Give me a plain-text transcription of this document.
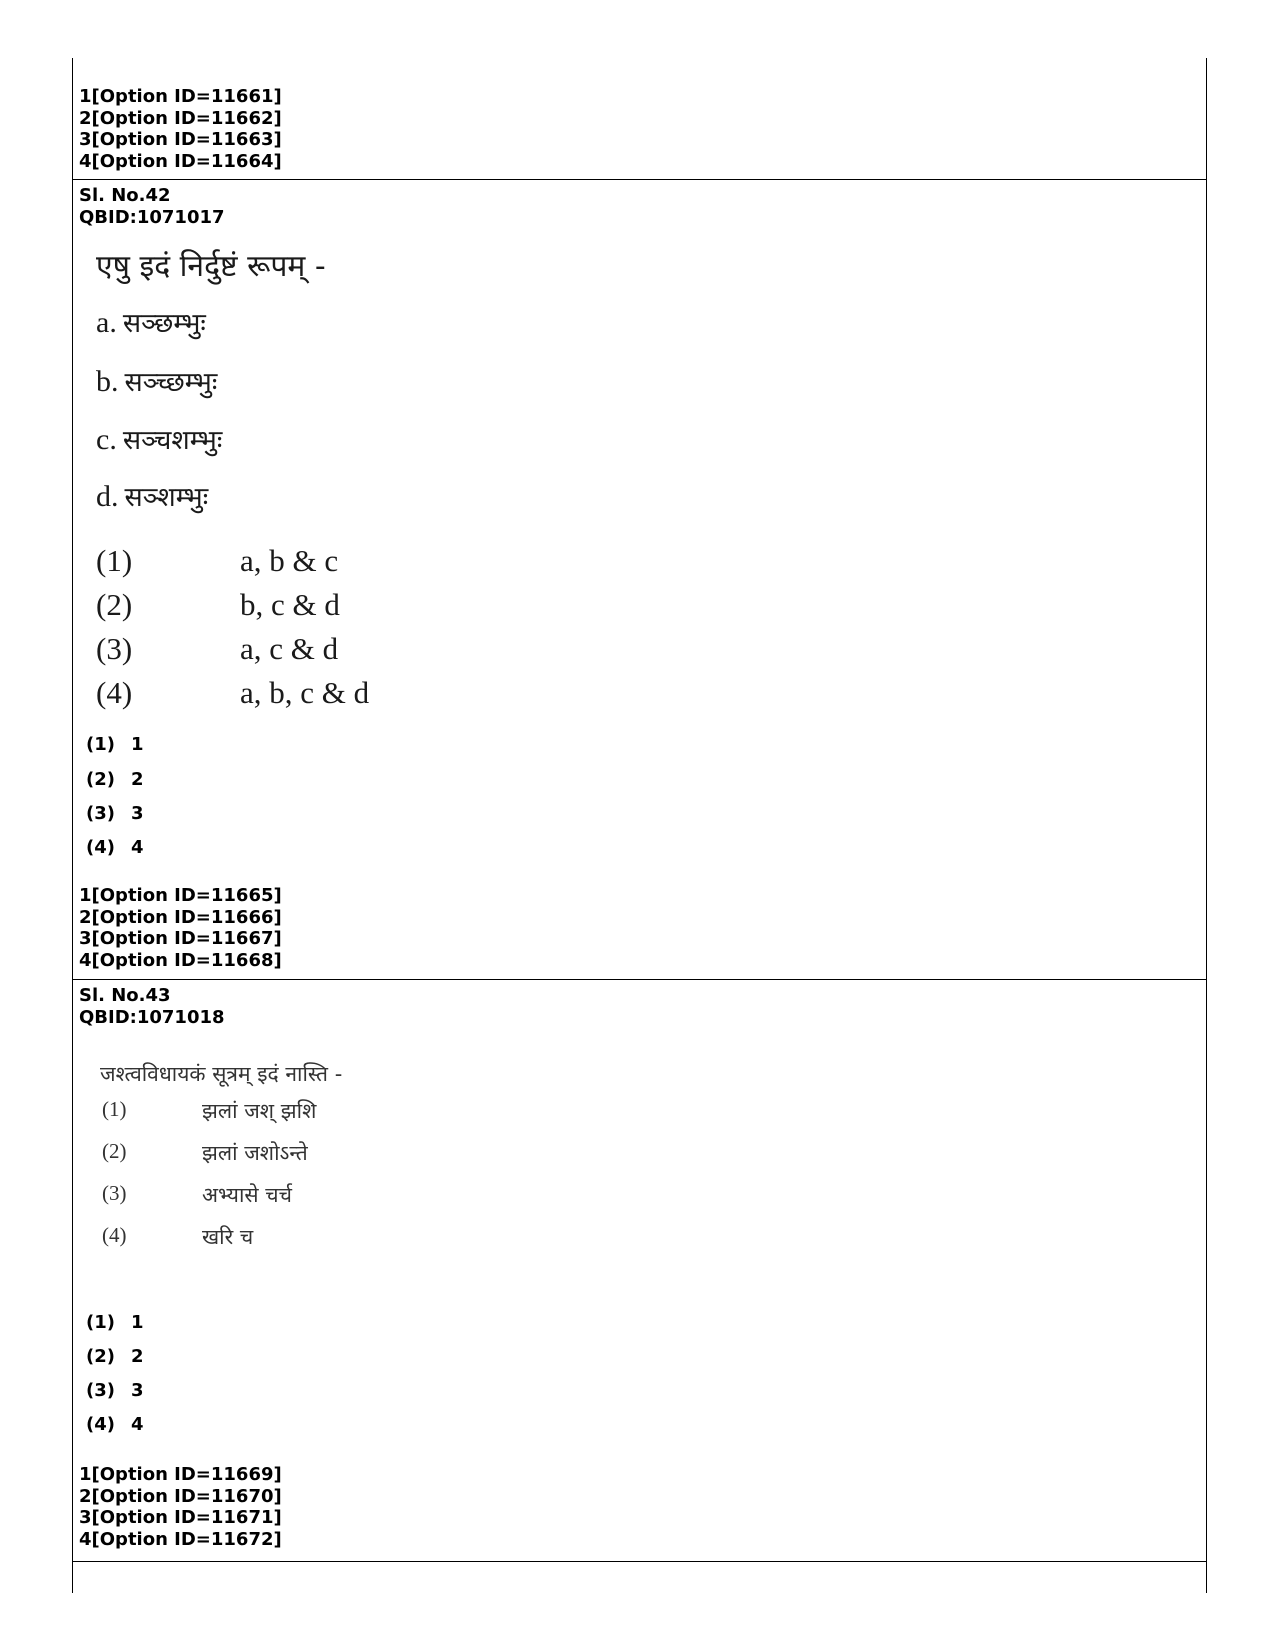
1[Option ID=11661]
2[Option ID=11662]
3[Option ID=11663]
4[Option ID=11664]
Sl. No.42
QBID:1071017
एषु इदं निर्दुष्टं रूपम् -
a. सञ्छम्भुः
b. सञ्च्छम्भुः
c. सञ्चशम्भुः
d. सञ्शम्भुः
(1)	a, b & c
(2)	b, c & d
(3)	a, c & d
(4)	a, b, c & d
(1) 1
(2) 2
(3) 3
(4) 4
1[Option ID=11665]
2[Option ID=11666]
3[Option ID=11667]
4[Option ID=11668]
Sl. No.43
QBID:1071018
जश्त्वविधायकं सूत्रम् इदं नास्ति -
(1)	झलां जश् झशि
(2)	झलां जशोऽन्ते
(3)	अभ्यासे चर्च
(4)	खरि च
(1) 1
(2) 2
(3) 3
(4) 4
1[Option ID=11669]
2[Option ID=11670]
3[Option ID=11671]
4[Option ID=11672]
